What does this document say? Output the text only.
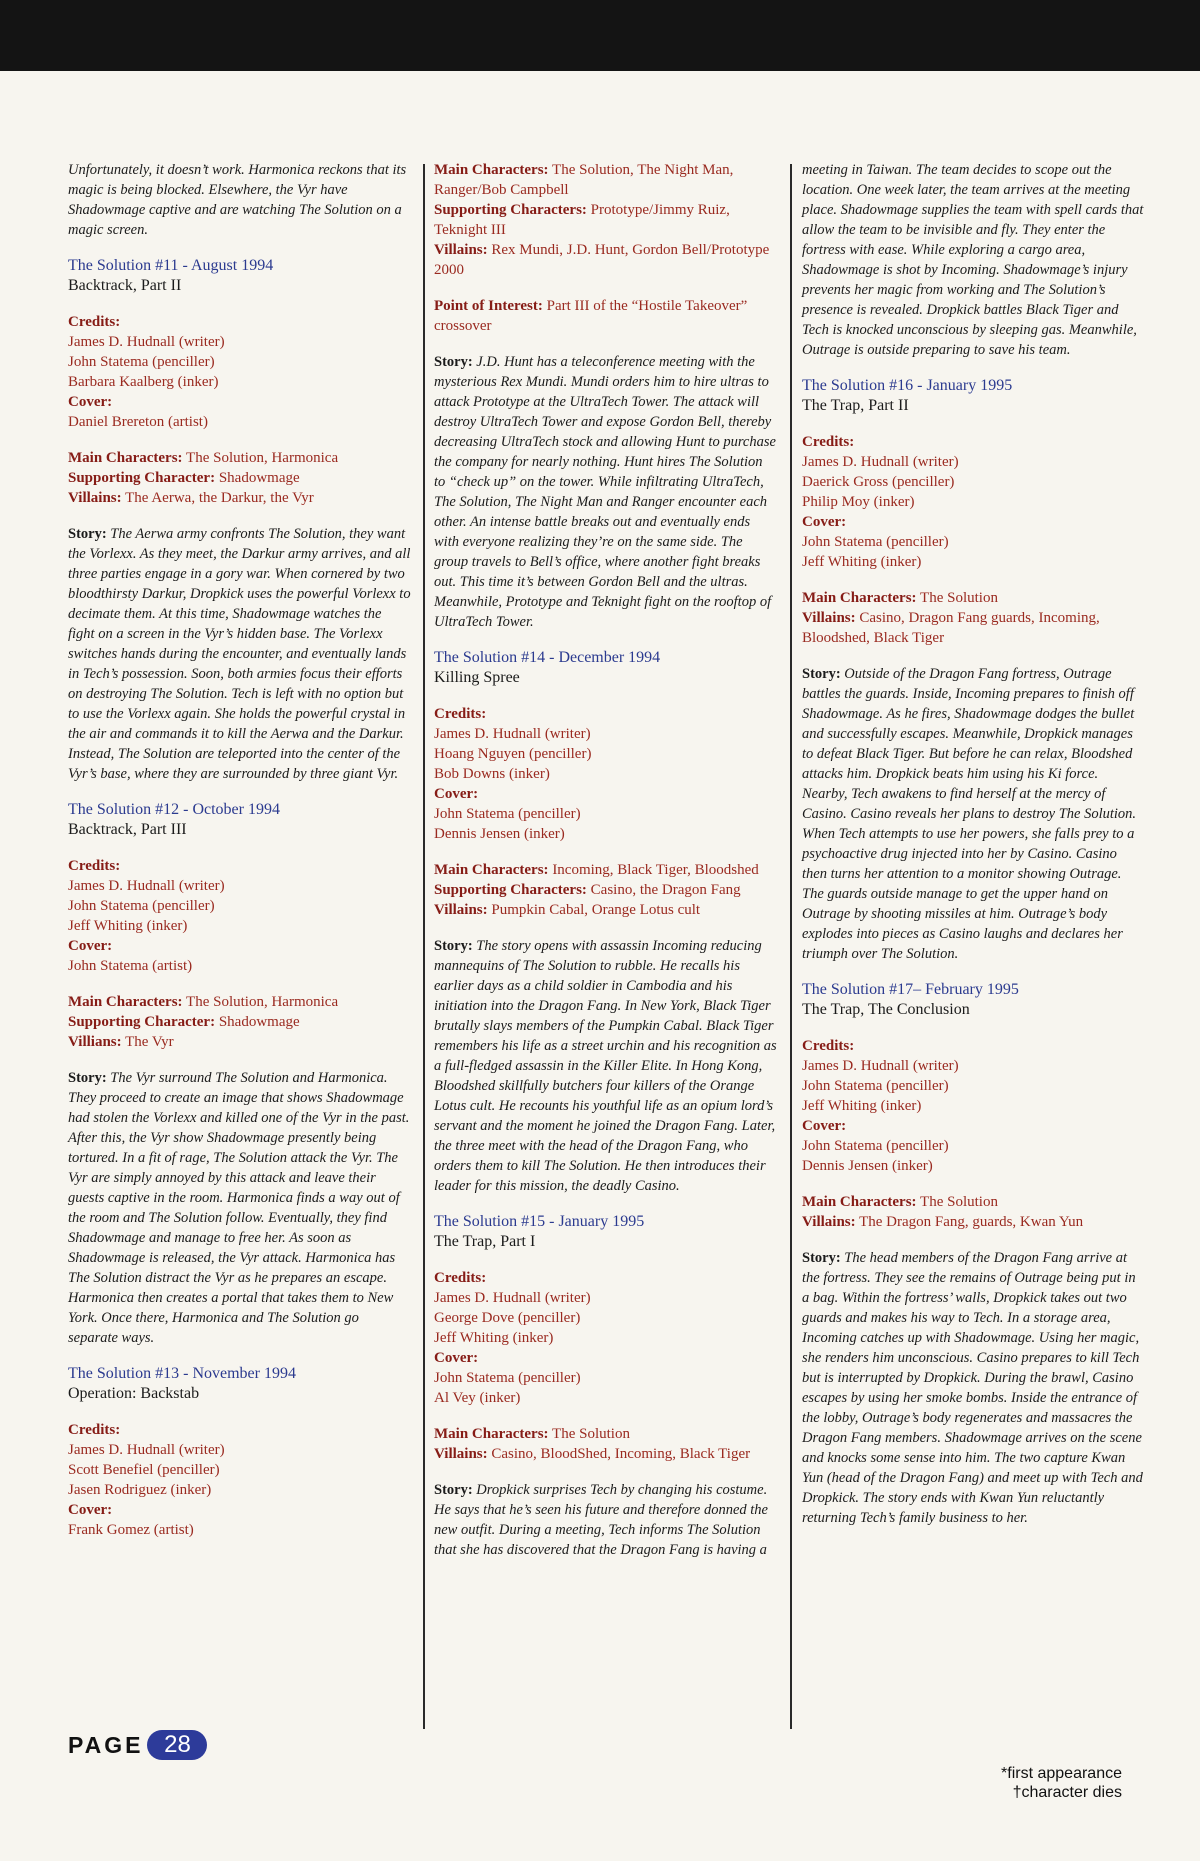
Unfortunately, it doesn’t work. Harmonica reckons that its magic is being blocked. Elsewhere, the Vyr have Shadowmage captive and are watching The Solution on a magic screen.

The Solution #11 - August 1994

Backtrack, Part II

Credits:

James D. Hudnall (writer)

John Statema (penciller)

Barbara Kaalberg (inker)

Cover:

Daniel Brereton (artist)

Main Characters: The Solution, Harmonica

Supporting Character: Shadowmage

Villains: The Aerwa, the Darkur, the Vyr

Story: The Aerwa army confronts The Solution, they want the Vorlexx. As they meet, the Darkur army arrives, and all three parties engage in a gory war. When cornered by two bloodthirsty Darkur, Dropkick uses the powerful Vorlexx to decimate them. At this time, Shadowmage watches the fight on a screen in the Vyr’s hidden base. The Vorlexx switches hands during the encounter, and eventually lands in Tech’s possession. Soon, both armies focus their efforts on destroying The Solution. Tech is left with no option but to use the Vorlexx again. She holds the powerful crystal in the air and commands it to kill the Aerwa and the Darkur. Instead, The Solution are teleported into the center of the Vyr’s base, where they are surrounded by three giant Vyr.

The Solution #12 - October 1994

Backtrack, Part III

Credits:

James D. Hudnall (writer)

John Statema (penciller)

Jeff Whiting (inker)

Cover:

John Statema (artist)

Main Characters: The Solution, Harmonica

Supporting Character: Shadowmage

Villians: The Vyr

Story: The Vyr surround The Solution and Harmonica. They proceed to create an image that shows Shadowmage had stolen the Vorlexx and killed one of the Vyr in the past. After this, the Vyr show Shadowmage presently being tortured. In a fit of rage, The Solution attack the Vyr. The Vyr are simply annoyed by this attack and leave their guests captive in the room. Harmonica finds a way out of the room and The Solution follow. Eventually, they find Shadowmage and manage to free her. As soon as Shadowmage is released, the Vyr attack. Harmonica has The Solution distract the Vyr as he prepares an escape. Harmonica then creates a portal that takes them to New York. Once there, Harmonica and The Solution go separate ways.

The Solution #13 - November 1994

Operation: Backstab

Credits:

James D. Hudnall (writer)

Scott Benefiel (penciller)

Jasen Rodriguez (inker)

Cover:

Frank Gomez (artist)

Main Characters: The Solution, The Night Man, Ranger/Bob Campbell

Supporting Characters: Prototype/Jimmy Ruiz, Teknight III

Villains: Rex Mundi, J.D. Hunt, Gordon Bell/Prototype 2000

Point of Interest: Part III of the “Hostile Takeover” crossover

Story: J.D. Hunt has a teleconference meeting with the mysterious Rex Mundi. Mundi orders him to hire ultras to attack Prototype at the UltraTech Tower. The attack will destroy UltraTech Tower and expose Gordon Bell, thereby decreasing UltraTech stock and allowing Hunt to purchase the company for nearly nothing. Hunt hires The Solution to “check up” on the tower. While infiltrating UltraTech, The Solution, The Night Man and Ranger encounter each other. An intense battle breaks out and eventually ends with everyone realizing they’re on the same side. The group travels to Bell’s office, where another fight breaks out. This time it’s between Gordon Bell and the ultras. Meanwhile, Prototype and Teknight fight on the rooftop of UltraTech Tower.

The Solution #14 - December 1994

Killing Spree

Credits:

James D. Hudnall (writer)

Hoang Nguyen (penciller)

Bob Downs (inker)

Cover:

John Statema (penciller)

Dennis Jensen (inker)

Main Characters: Incoming, Black Tiger, Bloodshed

Supporting Characters: Casino, the Dragon Fang

Villains: Pumpkin Cabal, Orange Lotus cult

Story: The story opens with assassin Incoming reducing mannequins of The Solution to rubble. He recalls his earlier days as a child soldier in Cambodia and his initiation into the Dragon Fang. In New York, Black Tiger brutally slays members of the Pumpkin Cabal. Black Tiger remembers his life as a street urchin and his recognition as a full-fledged assassin in the Killer Elite. In Hong Kong, Bloodshed skillfully butchers four killers of the Orange Lotus cult. He recounts his youthful life as an opium lord’s servant and the moment he joined the Dragon Fang. Later, the three meet with the head of the Dragon Fang, who orders them to kill The Solution. He then introduces their leader for this mission, the deadly Casino.

The Solution #15 - January 1995

The Trap, Part I

Credits:

James D. Hudnall (writer)

George Dove (penciller)

Jeff Whiting (inker)

Cover:

John Statema (penciller)

Al Vey (inker)

Main Characters: The Solution

Villains: Casino, BloodShed, Incoming, Black Tiger

Story: Dropkick surprises Tech by changing his costume. He says that he’s seen his future and therefore donned the new outfit. During a meeting, Tech informs The Solution that she has discovered that the Dragon Fang is having a

meeting in Taiwan. The team decides to scope out the location. One week later, the team arrives at the meeting place. Shadowmage supplies the team with spell cards that allow the team to be invisible and fly. They enter the fortress with ease. While exploring a cargo area, Shadowmage is shot by Incoming. Shadowmage’s injury prevents her magic from working and The Solution’s presence is revealed. Dropkick battles Black Tiger and Tech is knocked unconscious by sleeping gas. Meanwhile, Outrage is outside preparing to save his team.

The Solution #16 - January 1995

The Trap, Part II

Credits:

James D. Hudnall (writer)

Daerick Gross (penciller)

Philip Moy (inker)

Cover:

John Statema (penciller)

Jeff Whiting (inker)

Main Characters: The Solution

Villains: Casino, Dragon Fang guards, Incoming, Bloodshed, Black Tiger

Story: Outside of the Dragon Fang fortress, Outrage battles the guards. Inside, Incoming prepares to finish off Shadowmage. As he fires, Shadowmage dodges the bullet and successfully escapes. Meanwhile, Dropkick manages to defeat Black Tiger. But before he can relax, Bloodshed attacks him. Dropkick beats him using his Ki force. Nearby, Tech awakens to find herself at the mercy of Casino. Casino reveals her plans to destroy The Solution. When Tech attempts to use her powers, she falls prey to a psychoactive drug injected into her by Casino. Casino then turns her attention to a monitor showing Outrage. The guards outside manage to get the upper hand on Outrage by shooting missiles at him. Outrage’s body explodes into pieces as Casino laughs and declares her triumph over The Solution.

The Solution #17– February 1995

The Trap, The Conclusion

Credits:

James D. Hudnall (writer)

John Statema (penciller)

Jeff Whiting (inker)

Cover:

John Statema (penciller)

Dennis Jensen (inker)

Main Characters: The Solution

Villains: The Dragon Fang, guards, Kwan Yun

Story: The head members of the Dragon Fang arrive at the fortress. They see the remains of Outrage being put in a bag. Within the fortress’ walls, Dropkick takes out two guards and makes his way to Tech. In a storage area, Incoming catches up with Shadowmage. Using her magic, she renders him unconscious. Casino prepares to kill Tech but is interrupted by Dropkick. During the brawl, Casino escapes by using her smoke bombs. Inside the entrance of the lobby, Outrage’s body regenerates and massacres the Dragon Fang members. Shadowmage arrives on the scene and knocks some sense into him. The two capture Kwan Yun (head of the Dragon Fang) and meet up with Tech and Dropkick. The story ends with Kwan Yun reluctantly returning Tech’s family business to her.

PAGE 28

*first appearance

†character dies
